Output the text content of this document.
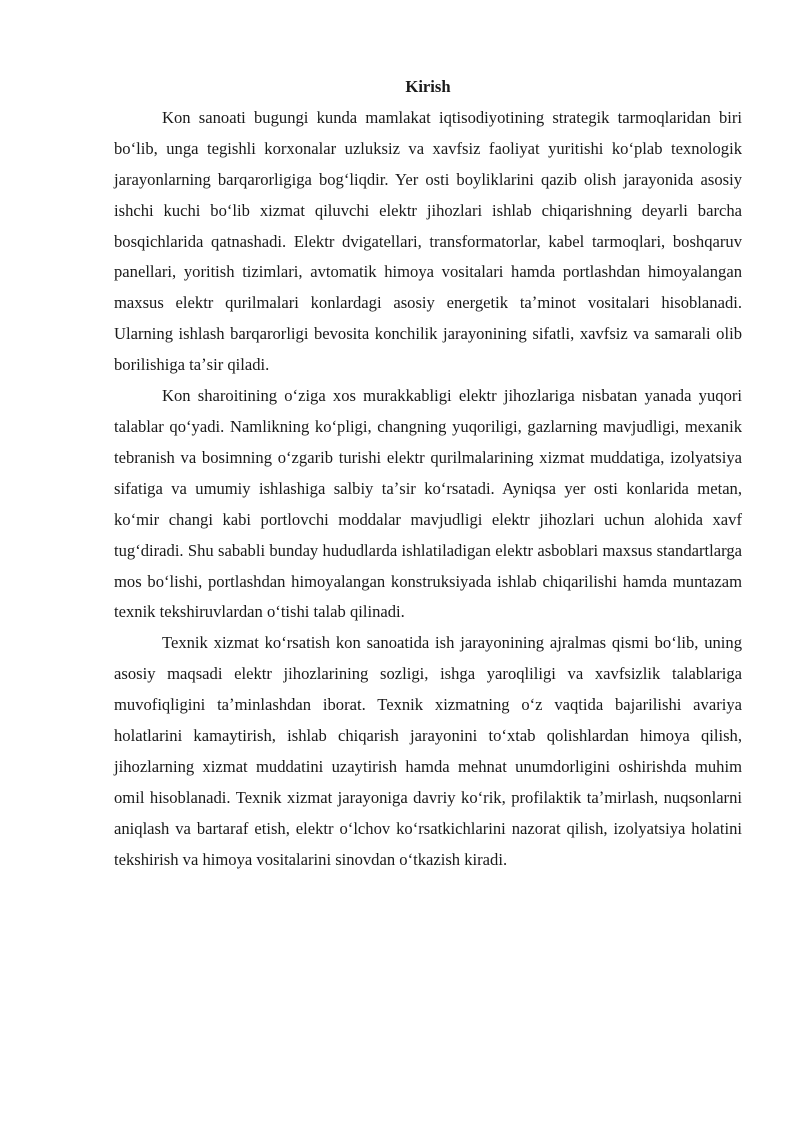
Kirish

Kon sanoati bugungi kunda mamlakat iqtisodiyotining strategik tarmoqlaridan biri boʻlib, unga tegishli korxonalar uzluksiz va xavfsiz faoliyat yuritishi koʻplab texnologik jarayonlarning barqarorligiga bogʻliqdir. Yer osti boyliklarini qazib olish jarayonida asosiy ishchi kuchi boʻlib xizmat qiluvchi elektr jihozlari ishlab chiqarishning deyarli barcha bosqichlarida qatnashadi. Elektr dvigatellari, transformatorlar, kabel tarmoqlari, boshqaruv panellari, yoritish tizimlari, avtomatik himoya vositalari hamda portlashdan himoyalangan maxsus elektr qurilmalari konlardagi asosiy energetik taʼminot vositalari hisoblanadi. Ularning ishlash barqarorligi bevosita konchilik jarayonining sifatli, xavfsiz va samarali olib borilishiga taʼsir qiladi.

Kon sharoitining oʻziga xos murakkabligi elektr jihozlariga nisbatan yanada yuqori talablar qoʻyadi. Namlikning koʻpligi, changning yuqoriligi, gazlarning mavjudligi, mexanik tebranish va bosimning oʻzgarib turishi elektr qurilmalarining xizmat muddatiga, izolyatsiya sifatiga va umumiy ishlashiga salbiy taʼsir koʻrsatadi. Ayniqsa yer osti konlarida metan, koʻmir changi kabi portlovchi moddalar mavjudligi elektr jihozlari uchun alohida xavf tugʻdiradi. Shu sababli bunday hududlarda ishlatiladigan elektr asboblari maxsus standartlarga mos boʻlishi, portlashdan himoyalangan konstruksiyada ishlab chiqarilishi hamda muntazam texnik tekshiruvlardan oʻtishi talab qilinadi.

Texnik xizmat koʻrsatish kon sanoatida ish jarayonining ajralmas qismi boʻlib, uning asosiy maqsadi elektr jihozlarining sozligi, ishga yaroqliligi va xavfsizlik talablariga muvofiqligini taʼminlashdan iborat. Texnik xizmatning oʻz vaqtida bajarilishi avariya holatlarini kamaytirish, ishlab chiqarish jarayonini toʻxtab qolishlardan himoya qilish, jihozlarning xizmat muddatini uzaytirish hamda mehnat unumdorligini oshirishda muhim omil hisoblanadi. Texnik xizmat jarayoniga davriy koʻrik, profilaktik taʼmirlash, nuqsonlarni aniqlash va bartaraf etish, elektr oʻlchov koʻrsatkichlarini nazorat qilish, izolyatsiya holatini tekshirish va himoya vositalarini sinovdan oʻtkazish kiradi.
